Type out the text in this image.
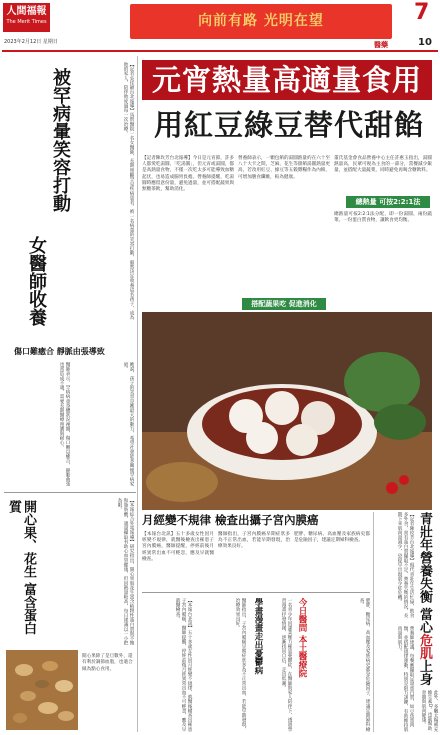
人間福報
The Merit Times
2023年2月12日 星期日
向前有路 光明在望	7
醫藥	10
被罕病暈笑容打動
女醫師收養	【記者吳佳穎台北報導】馬偕醫院一名女醫師，長期照顧罕見疾病患者，被一名病童的笑容打動，毅然決定收養這名孩子，成為他的家人，陪伴他度過每一次治療。
傷口難癒合 靜脈由張導致
醫師表示，罕病病童身體狀況複雜，傷口難以癒合，靜脈曲張也常造成不適，需要長期醫療照護與耐心。	她說，孩子的笑容是她最大的動力，希望社會能多關懷罕病家庭。
開心果、花生 富含蛋白質	【本報綜合外電報導】研究指出，開心果與花生富含植物性蛋白質與不飽和脂肪酸，適量攝取有助心血管健康，但因熱量較高，每日建議以一小把為限。
開心果除了是旦數外，還有利於調節血脂，也適合做為點心食用。
元宵熱量高適量食用
用紅豆綠豆替代甜餡
【記者陳玫芳台北報導】今日是元宵節，許多人都愛吃湯圓、「吃湯圓」，但元宵或湯圓，都是高熱量食物，不僅一次吃太多可能導致血糖起伏，也易造成腸胃負擔。營養師提醒，吃湯圓時應留意份量，避免過量，並可搭配蔬果與無糖茶飲，幫助消化。
營養師表示，一顆包餡的湯圓熱量約在六十至八十大卡之間，芝麻、花生等甜餡湯圓熱量更高，若改用紅豆、綠豆等五穀雜糧作為內餡，可增加膳食纖維，較為健康。
董氏基金會食品營養中心主任許惠玉指出，湯圓熱量高，民眾可視為主食的一部分，當餐減少飯量，並搭配大量蔬菜，同時避免再喝含糖飲料。
總熱量 可按2:2:1法
總熱量可按2:2:1法分配，即一份湯圓、兩份蔬菜、一份蛋白質食物，讓飲食更均衡。
搭配蔬果吃 促進消化
月經變不規律 檢查出攝子宮內膜癌
【本報台北訊】五十多歲女性因月經變不規律，就醫後檢查出罹患子宮內膜癌，醫師提醒，停經前後月經異常出血不可輕忽，應及早就醫檢查。
醫師指出，子宮內膜癌早期症狀多為不正常出血，若能早期發現，治療效果良好。
肥胖、糖尿病、高血壓及家族病史都是危險因子，建議定期婦科檢查。
【本報台北訊】五十多歲女性因月經變不規律，就醫後檢查出罹患子宮內膜癌，醫師提醒，停經前後月經異常出血不可輕忽，應及早就醫檢查。	醫師指出，子宮內膜癌早期症狀多為不正常出血，若能早期發現，治療效果良好。	學畫漫畫走出憂鬱病	一名青少年因課業壓力罹患憂鬱症，在醫師與家人陪伴下，透過學習漫畫抒發情緒，逐漸找回自信，走出低潮。	今日醫問 本土醫療院	肥胖、糖尿病、高血壓及家族病史都是危險因子，建議定期婦科檢查。	青壯年營養失衡 當心危肌上身
【記者陳玫芳台北報導】現代青壯年生活忙碌，飲食多外食，常有蛋白質攝取不足、營養失衡的情況，長期下來肌肉量減少，恐提早出現肌少症危機。
營養師建議，每餐應攝取足量蛋白質，如豆魚蛋肉類，並搭配規律運動，特別是阻力訓練，有助維持肌肉量與肌力。
此外，多曬太陽補充維生素D，也能幫助骨骼與肌肉健康。
